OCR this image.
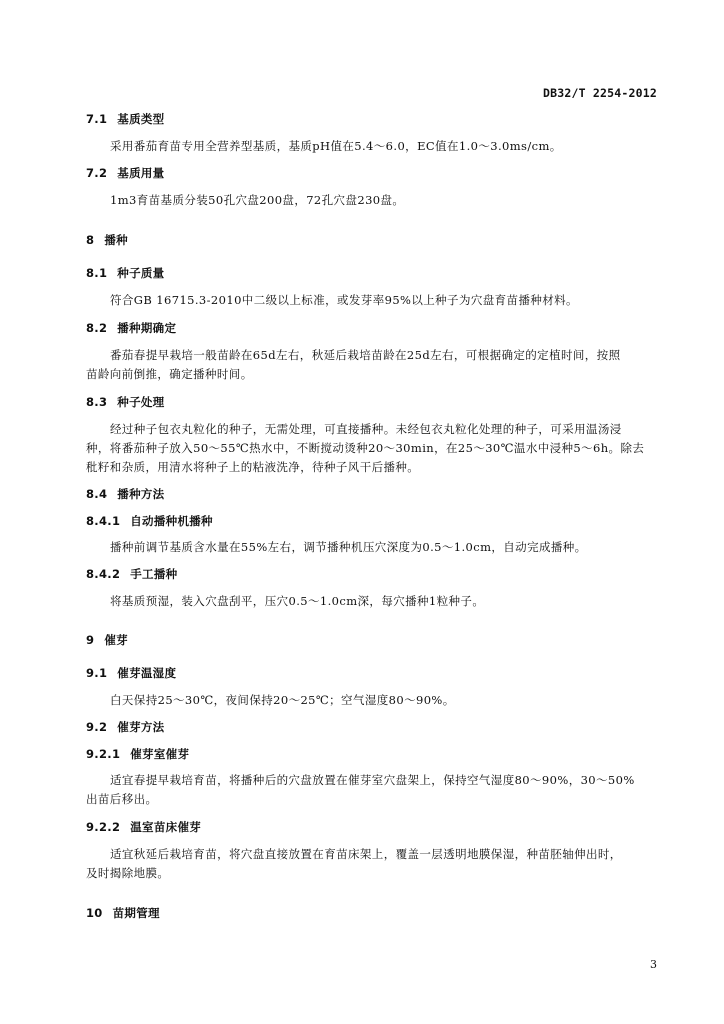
DB32/T 2254-2012
7.1 基质类型

采用番茄育苗专用全营养型基质，基质pH值在5.4～6.0，EC值在1.0～3.0ms/cm。

7.2 基质用量

1m3育苗基质分装50孔穴盘200盘，72孔穴盘230盘。

8 播种
8.1 种子质量

符合GB 16715.3-2010中二级以上标准，或发芽率95%以上种子为穴盘育苗播种材料。

8.2 播种期确定

番茄春提早栽培一般苗龄在65d左右，秋延后栽培苗龄在25d左右，可根据确定的定植时间，按照

苗龄向前倒推，确定播种时间。

8.3 种子处理

经过种子包衣丸粒化的种子，无需处理，可直接播种。未经包衣丸粒化处理的种子，可采用温汤浸

种，将番茄种子放入50～55℃热水中，不断搅动烫种20～30min，在25～30℃温水中浸种5～6h。除去

秕籽和杂质，用清水将种子上的粘液洗净，待种子风干后播种。

8.4 播种方法
8.4.1 自动播种机播种

播种前调节基质含水量在55%左右，调节播种机压穴深度为0.5～1.0cm，自动完成播种。

8.4.2 手工播种

将基质预湿，装入穴盘刮平，压穴0.5～1.0cm深，每穴播种1粒种子。

9 催芽
9.1 催芽温湿度

白天保持25～30℃，夜间保持20～25℃；空气湿度80～90%。

9.2 催芽方法
9.2.1 催芽室催芽

适宜春提早栽培育苗，将播种后的穴盘放置在催芽室穴盘架上，保持空气湿度80～90%，30～50%

出苗后移出。

9.2.2 温室苗床催芽

适宜秋延后栽培育苗，将穴盘直接放置在育苗床架上，覆盖一层透明地膜保湿，种苗胚轴伸出时，

及时揭除地膜。

10 苗期管理
3
